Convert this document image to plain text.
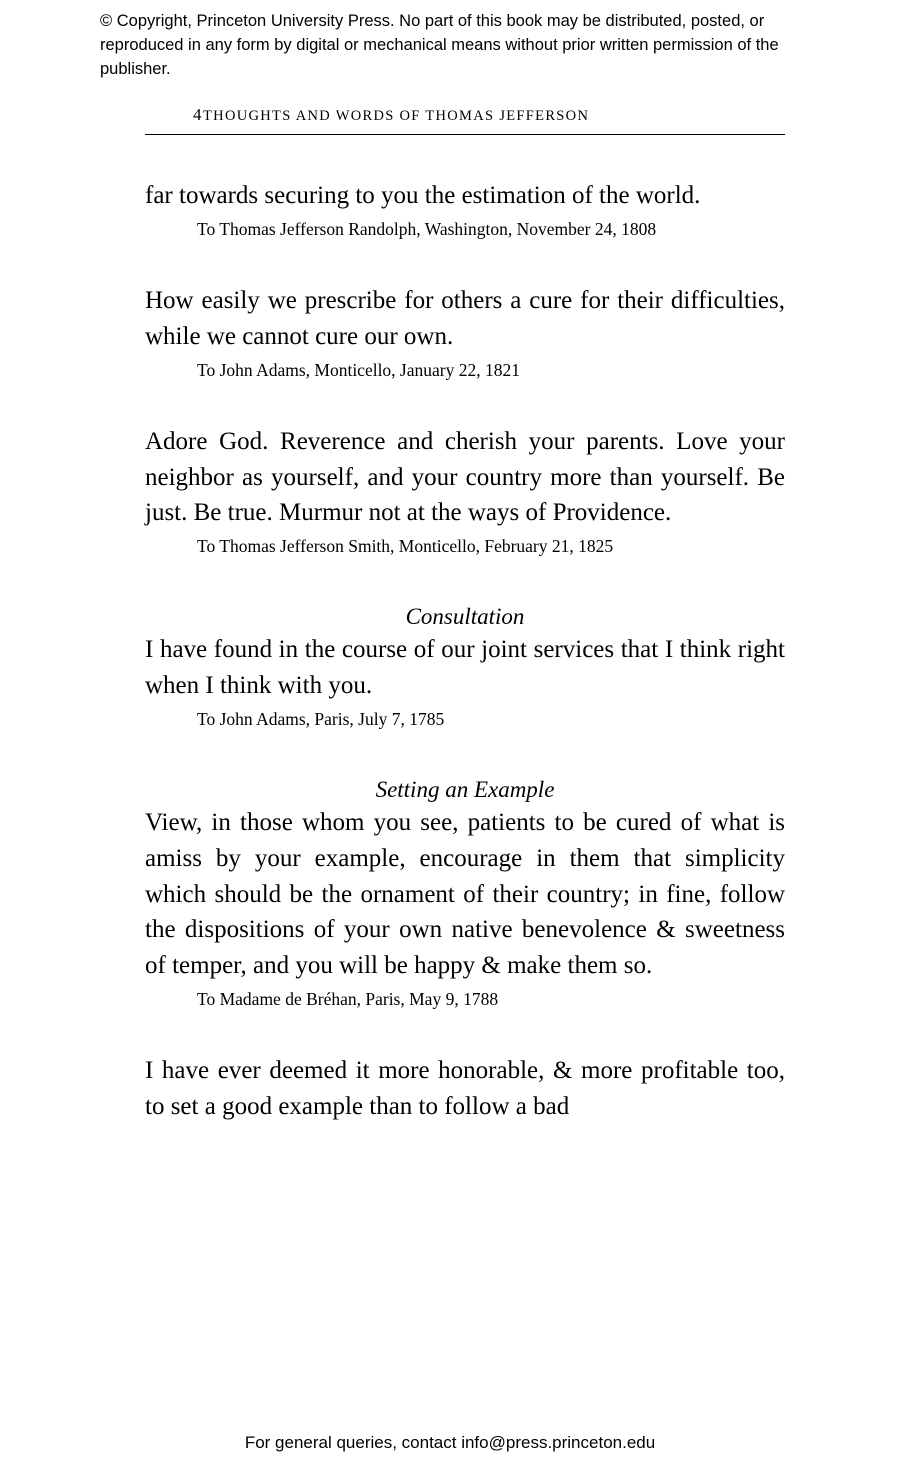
© Copyright, Princeton University Press. No part of this book may be distributed, posted, or reproduced in any form by digital or mechanical means without prior written permission of the publisher.
4 THOUGHTS AND WORDS OF THOMAS JEFFERSON

far towards securing to you the estimation of the world.

To Thomas Jefferson Randolph, Washington, November 24, 1808

How easily we prescribe for others a cure for their difficulties, while we cannot cure our own.

To John Adams, Monticello, January 22, 1821

Adore God. Reverence and cherish your parents. Love your neighbor as yourself, and your country more than yourself. Be just. Be true. Murmur not at the ways of Providence.

To Thomas Jefferson Smith, Monticello, February 21, 1825

Consultation

I have found in the course of our joint services that I think right when I think with you.

To John Adams, Paris, July 7, 1785

Setting an Example

View, in those whom you see, patients to be cured of what is amiss by your example, encourage in them that simplicity which should be the ornament of their country; in fine, follow the dispositions of your own native benevolence & sweetness of temper, and you will be happy & make them so.

To Madame de Bréhan, Paris, May 9, 1788

I have ever deemed it more honorable, & more profitable too, to set a good example than to follow a bad

For general queries, contact info@press.princeton.edu
